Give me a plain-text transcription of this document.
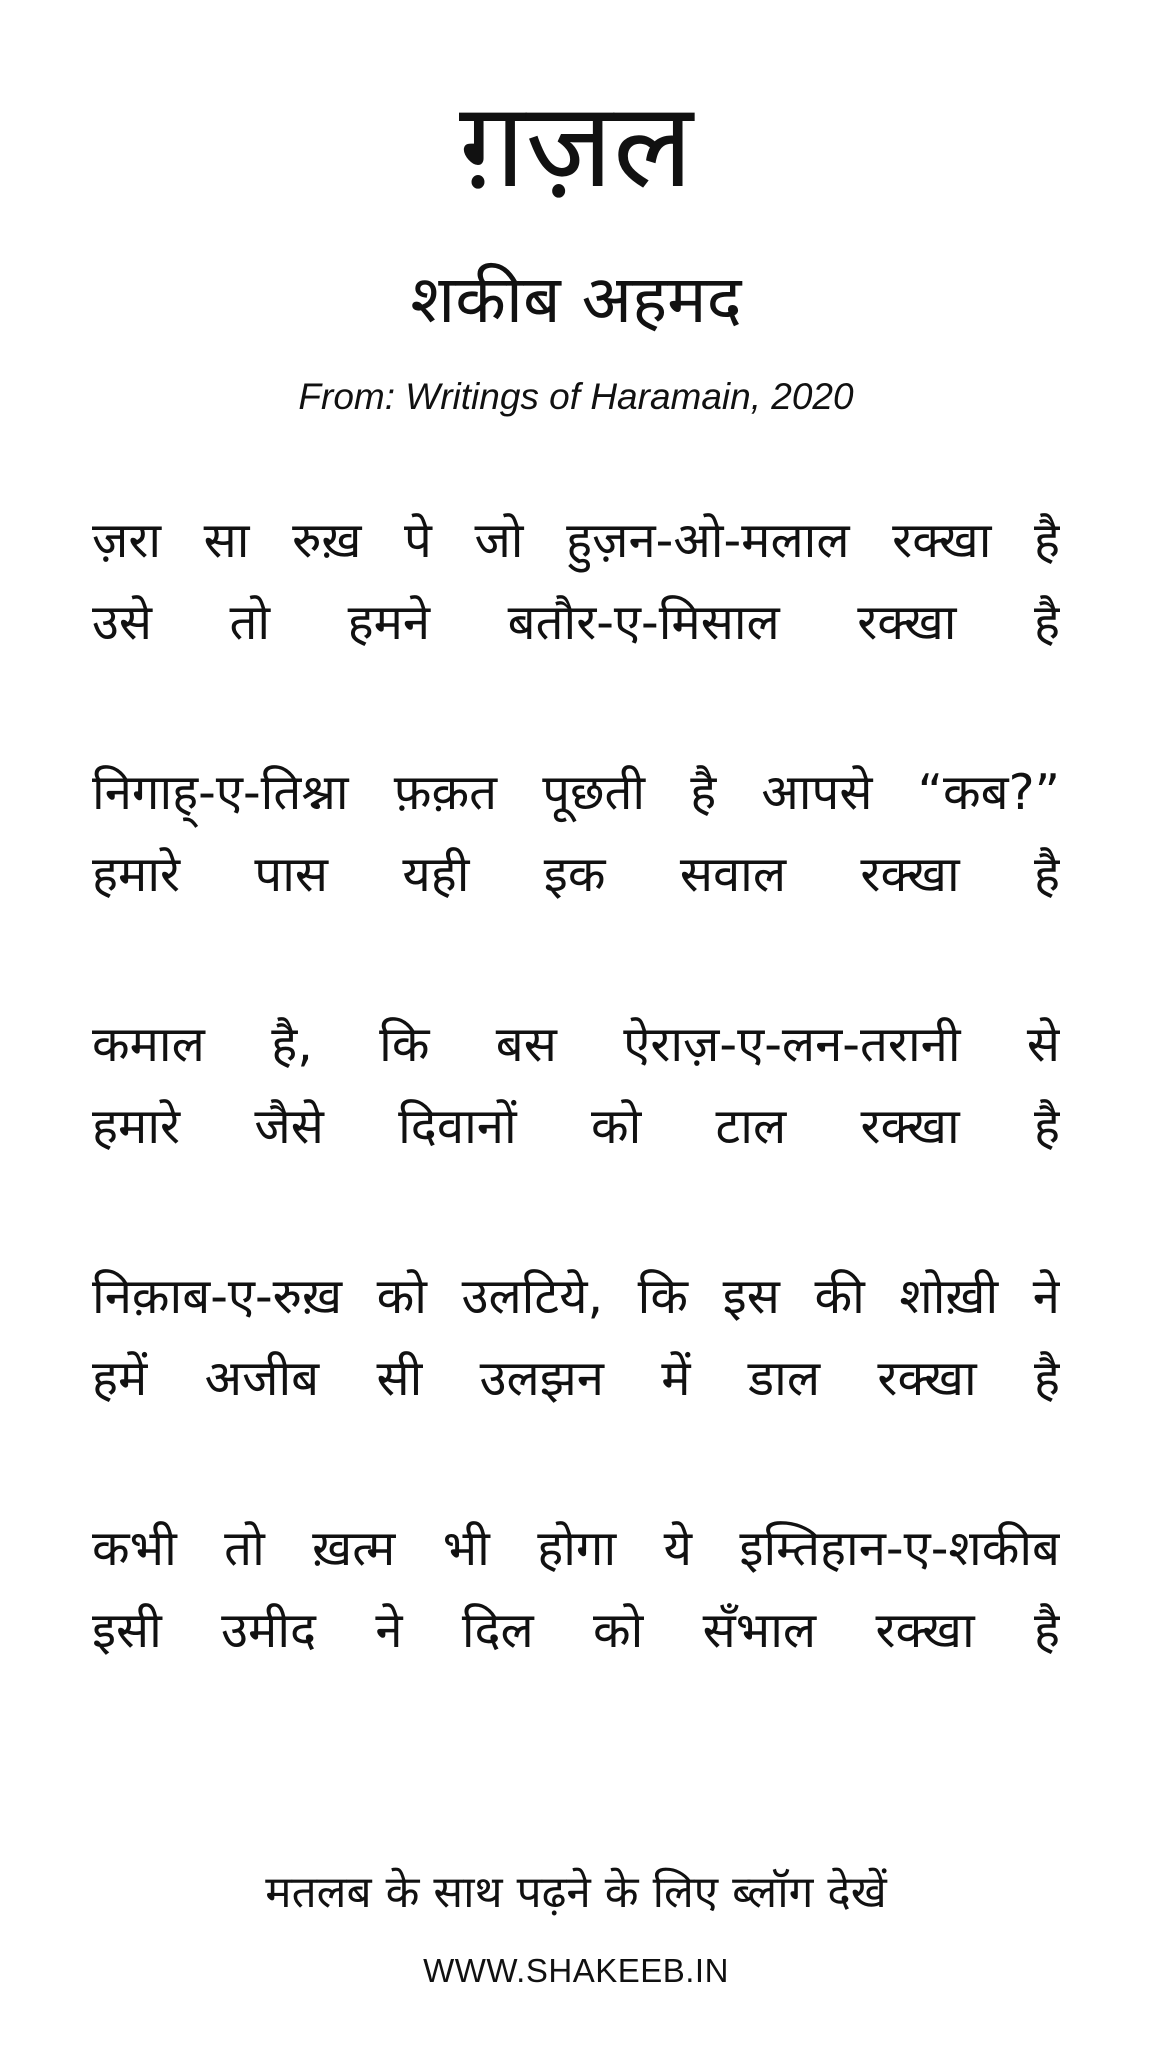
ग़ज़ल
शकीब अहमद
From: Writings of Haramain, 2020
ज़रा सा रुख़ पे जो हुज़न-ओ-मलाल रक्खा है
उसे तो हमने बतौर-ए-मिसाल रक्खा है
निगाह्-ए-तिश्ना फ़क़त पूछती है आपसे “कब?”
हमारे पास यही इक सवाल रक्खा है
कमाल है, कि बस ऐराज़-ए-लन-तरानी से
हमारे जैसे दिवानों को टाल रक्खा है
निक़ाब-ए-रुख़ को उलटिये, कि इस की शोख़ी ने
हमें अजीब सी उलझन में डाल रक्खा है
कभी तो ख़त्म भी होगा ये इम्तिहान-ए-शकीब
इसी उमीद ने दिल को सँभाल रक्खा है
मतलब के साथ पढ़ने के लिए ब्लॉग देखें
WWW.SHAKEEB.IN
